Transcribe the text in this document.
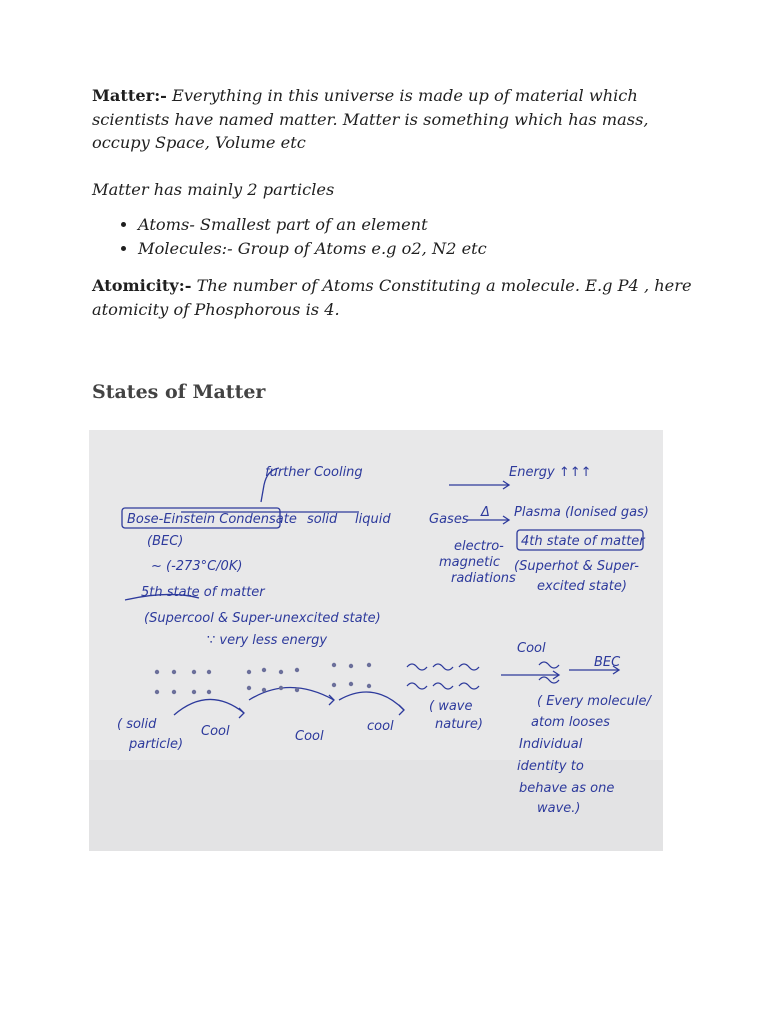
Matter:- Everything in this universe is made up of material which scientists have named matter. Matter is something which has mass, occupy Space, Volume etc

Matter has mainly 2 particles

• Atoms- Smallest part of an element
• Molecules:- Group of Atoms e.g o2, N2 etc

Atomicity:- The number of Atoms Constituting a molecule. E.g P4 , here atomicity of Phosphorous is 4.

States of Matter
further Cooling	Energy ↑↑↑
Bose-Einstein Condensate solid liquid	Gases Δ Plasma (Ionised gas)
(BEC)
~ (-273°C/0K)
electro-
magnetic
radiations
4th state of matter
(Superhot & Super-
excited state)
5th state of matter
(Supercool & Super-unexcited state)
∵ very less energy
Cool
BEC
( solid
particle)
Cool	Cool
cool
( wave
nature)
( Every molecule/
atom looses
Individual
identity to
behave as one
wave.)
